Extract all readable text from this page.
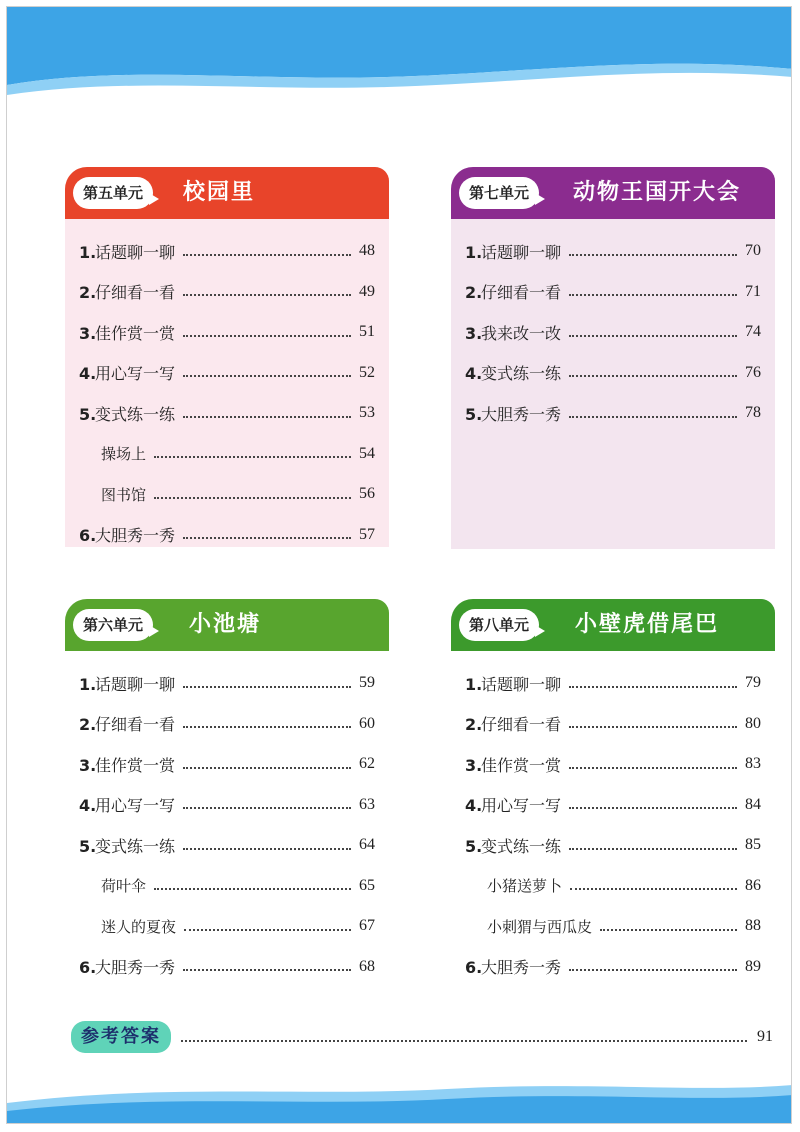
第五单元	校园里
1.话题聊一聊	48
2.仔细看一看	49
3.佳作赏一赏	51
4.用心写一写	52
5.变式练一练	53
操场上	54
图书馆	56
6.大胆秀一秀	57
第七单元	动物王国开大会
1.话题聊一聊	70
2.仔细看一看	71
3.我来改一改	74
4.变式练一练	76
5.大胆秀一秀	78
第六单元	小池塘
1.话题聊一聊	59
2.仔细看一看	60
3.佳作赏一赏	62
4.用心写一写	63
5.变式练一练	64
荷叶伞	65
迷人的夏夜	67
6.大胆秀一秀	68
第八单元	小壁虎借尾巴
1.话题聊一聊	79
2.仔细看一看	80
3.佳作赏一赏	83
4.用心写一写	84
5.变式练一练	85
小猪送萝卜	86
小刺猬与西瓜皮	88
6.大胆秀一秀	89
参考答案	91
